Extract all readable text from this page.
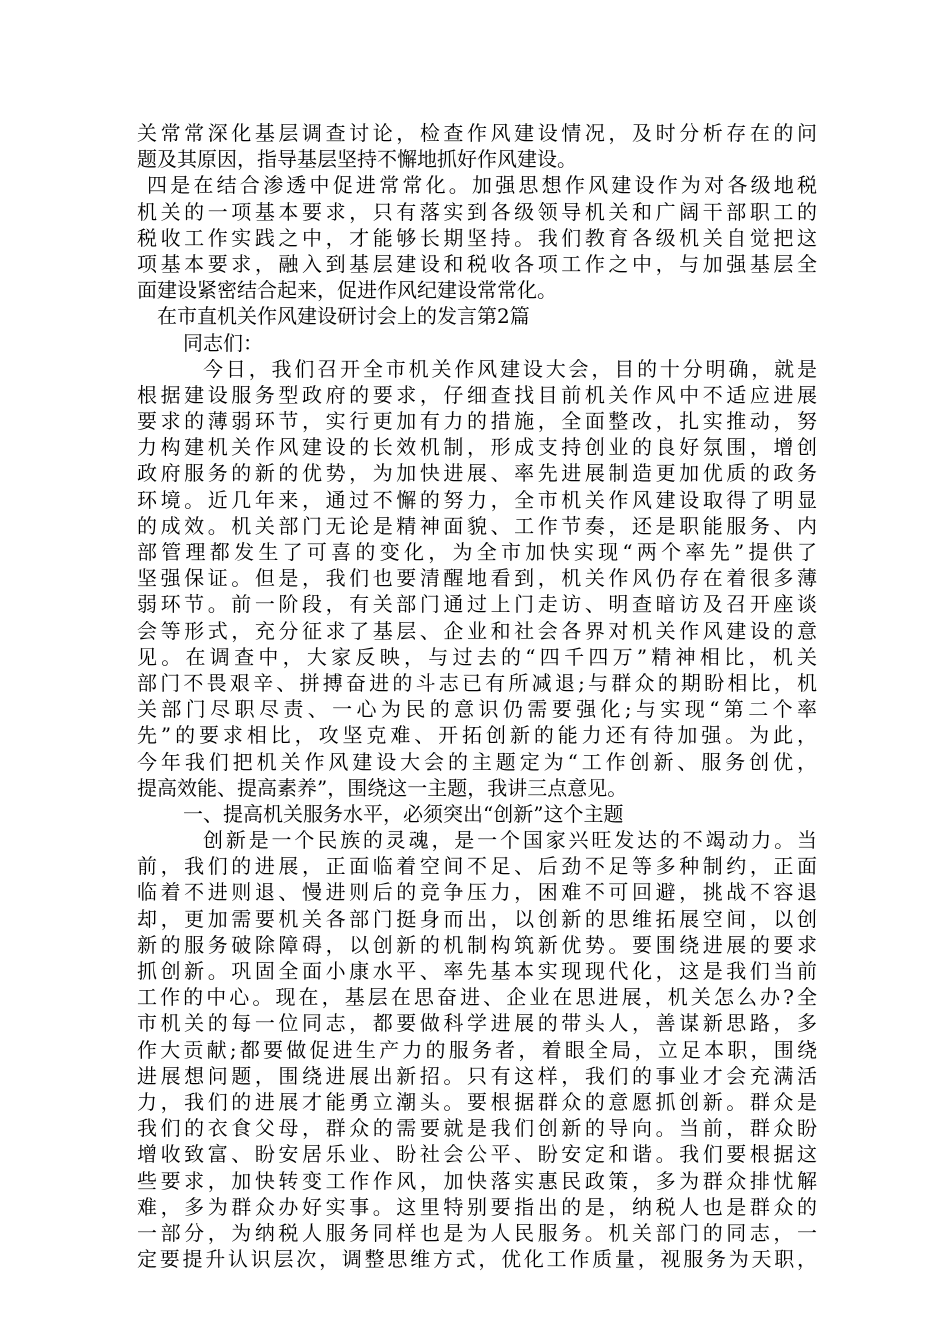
关常常深化基层调查讨论，检查作风建设情况，及时分析存在的问
题及其原因，指导基层坚持不懈地抓好作风建设。
四是在结合渗透中促进常常化。加强思想作风建设作为对各级地税
机关的一项基本要求，只有落实到各级领导机关和广阔干部职工的
税收工作实践之中，才能够长期坚持。我们教育各级机关自觉把这
项基本要求，融入到基层建设和税收各项工作之中，与加强基层全
面建设紧密结合起来，促进作风纪建设常常化。
在市直机关作风建设研讨会上的发言第2篇
同志们：
今日，我们召开全市机关作风建设大会，目的十分明确，就是
根据建设服务型政府的要求，仔细查找目前机关作风中不适应进展
要求的薄弱环节，实行更加有力的措施，全面整改，扎实推动，努
力构建机关作风建设的长效机制，形成支持创业的良好氛围，增创
政府服务的新的优势，为加快进展、率先进展制造更加优质的政务
环境。近几年来，通过不懈的努力，全市机关作风建设取得了明显
的成效。机关部门无论是精神面貌、工作节奏，还是职能服务、内
部管理都发生了可喜的变化，为全市加快实现“两个率先”提供了
坚强保证。但是，我们也要清醒地看到，机关作风仍存在着很多薄
弱环节。前一阶段，有关部门通过上门走访、明查暗访及召开座谈
会等形式，充分征求了基层、企业和社会各界对机关作风建设的意
见。在调查中，大家反映，与过去的“四千四万”精神相比，机关
部门不畏艰辛、拼搏奋进的斗志已有所减退;与群众的期盼相比，机
关部门尽职尽责、一心为民的意识仍需要强化;与实现“第二个率
先”的要求相比，攻坚克难、开拓创新的能力还有待加强。为此，
今年我们把机关作风建设大会的主题定为“工作创新、服务创优，
提高效能、提高素养”，围绕这一主题，我讲三点意见。
一、提高机关服务水平，必须突出“创新”这个主题
创新是一个民族的灵魂，是一个国家兴旺发达的不竭动力。当
前，我们的进展，正面临着空间不足、后劲不足等多种制约，正面
临着不进则退、慢进则后的竞争压力，困难不可回避，挑战不容退
却，更加需要机关各部门挺身而出，以创新的思维拓展空间，以创
新的服务破除障碍，以创新的机制构筑新优势。要围绕进展的要求
抓创新。巩固全面小康水平、率先基本实现现代化，这是我们当前
工作的中心。现在，基层在思奋进、企业在思进展，机关怎么办?全
市机关的每一位同志，都要做科学进展的带头人，善谋新思路，多
作大贡献;都要做促进生产力的服务者，着眼全局，立足本职，围绕
进展想问题，围绕进展出新招。只有这样，我们的事业才会充满活
力，我们的进展才能勇立潮头。要根据群众的意愿抓创新。群众是
我们的衣食父母，群众的需要就是我们创新的导向。当前，群众盼
增收致富、盼安居乐业、盼社会公平、盼安定和谐。我们要根据这
些要求，加快转变工作作风，加快落实惠民政策，多为群众排忧解
难，多为群众办好实事。这里特别要指出的是，纳税人也是群众的
一部分，为纳税人服务同样也是为人民服务。机关部门的同志，一
定要提升认识层次，调整思维方式，优化工作质量，视服务为天职，
